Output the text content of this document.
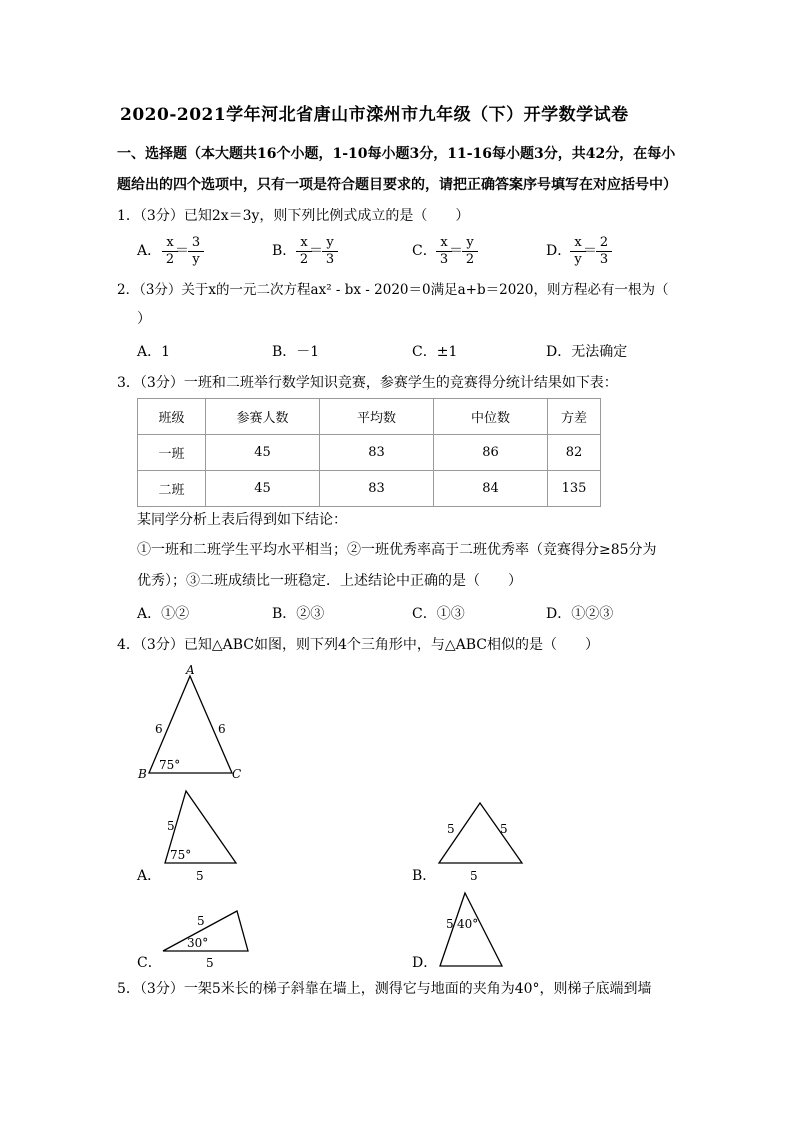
2020-2021学年河北省唐山市滦州市九年级（下）开学数学试卷
一、选择题（本大题共16个小题，1-10每小题3分，11-16每小题3分，共42分，在每小
题给出的四个选项中，只有一项是符合题目要求的，请把正确答案序号填写在对应括号中）
1．（3分）已知2x＝3y，则下列比例式成立的是（　　）
A． $\frac{x}{2}$
＝ $\frac{3}{y}$	B． $\frac{x}{2}$
＝ $\frac{y}{3}$	C． $\frac{x}{3}$
＝ $\frac{y}{2}$	D．
$\frac{x}{y}$
＝ $\frac{2}{3}$
2．（3分）关于x的一元二次方程ax² - bx - 2020＝0满足a+b＝2020，则方程必有一根为（
）
A．1	B．－1	C．±1	D．无法确定
3．（3分）一班和二班举行数学知识竞赛，参赛学生的竞赛得分统计结果如下表：
班级	参赛人数	平均数	中位数	方差
一班	45	83	86	82
二班	45	83	84	135
某同学分析上表后得到如下结论：
①一班和二班学生平均水平相当；②一班优秀率高于二班优秀率（竞赛得分≥85分为
优秀）；③二班成绩比一班稳定．上述结论中正确的是（　　）
A．①②	B．②③	C．①③	D．①②③
4．（3分）已知△ABC如图，则下列4个三角形中，与△ABC相似的是（　　）
A
B	C
6	6
75°
5
75°
5
5	5
5
5
30°
5
5 40°
A．	B．
C．	D．
5．（3分）一架5米长的梯子斜靠在墙上，测得它与地面的夹角为40°，则梯子底端到墙
